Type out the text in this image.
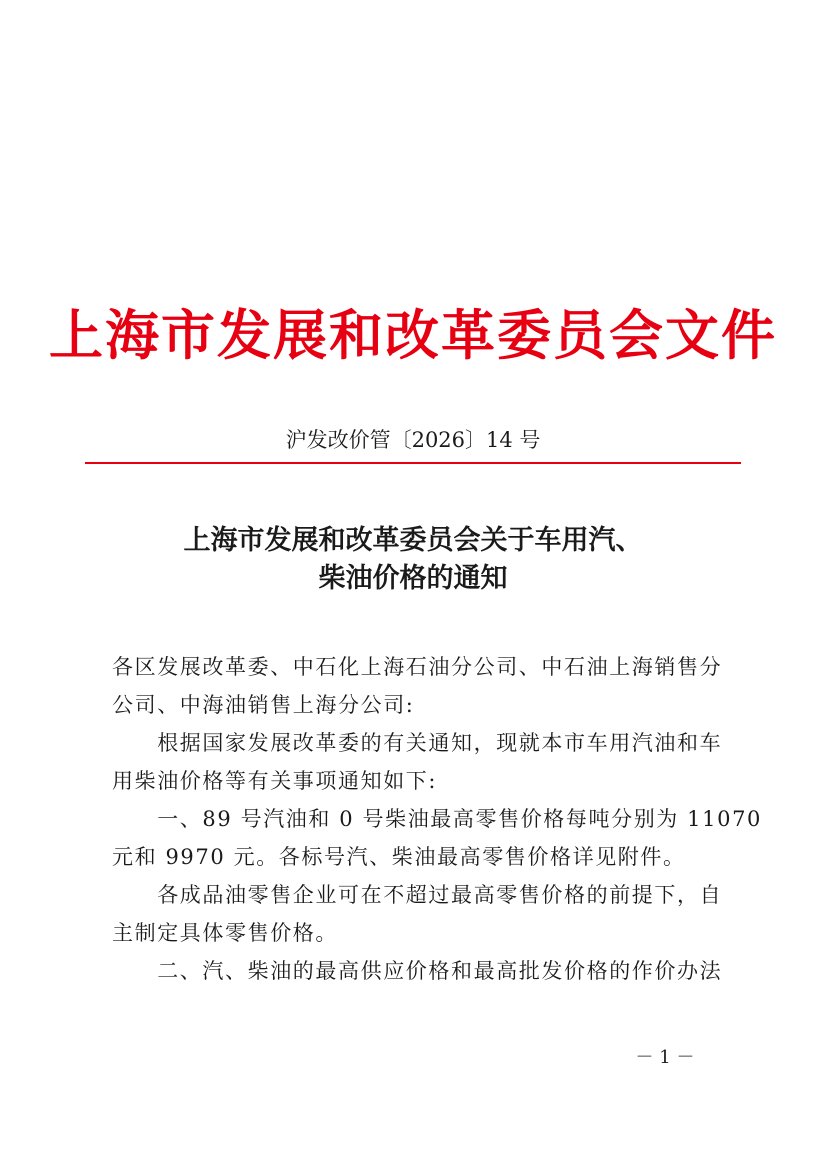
上海市发展和改革委员会文件
沪发改价管〔2026〕14 号
上海市发展和改革委员会关于车用汽、
柴油价格的通知
各区发展改革委、中石化上海石油分公司、中石油上海销售分
公司、中海油销售上海分公司:
　　根据国家发展改革委的有关通知，现就本市车用汽油和车
用柴油价格等有关事项通知如下:
　　一、89 号汽油和 0 号柴油最高零售价格每吨分别为 11070
元和 9970 元。各标号汽、柴油最高零售价格详见附件。
　　各成品油零售企业可在不超过最高零售价格的前提下，自
主制定具体零售价格。
　　二、汽、柴油的最高供应价格和最高批发价格的作价办法
－ 1 －
